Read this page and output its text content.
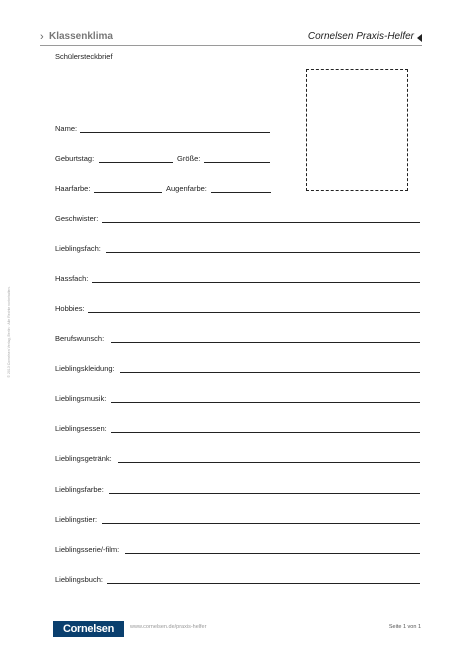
› Klassenklima	Cornelsen Praxis-Helfer
Schülersteckbrief
© 2013 Cornelsen Verlag, Berlin · Alle Rechte vorbehalten.
Name:
Geburtstag:	Größe:
Haarfarbe:	Augenfarbe:
Geschwister:
Lieblingsfach:
Hassfach:
Hobbies:
Berufswunsch:
Lieblingskleidung:
Lieblingsmusik:
Lieblingsessen:
Lieblingsgetränk:
Lieblingsfarbe:
Lieblingstier:
Lieblingsserie/-film:
Lieblingsbuch:
Cornelsen	www.cornelsen.de/praxis-helfer	Seite 1 von 1
